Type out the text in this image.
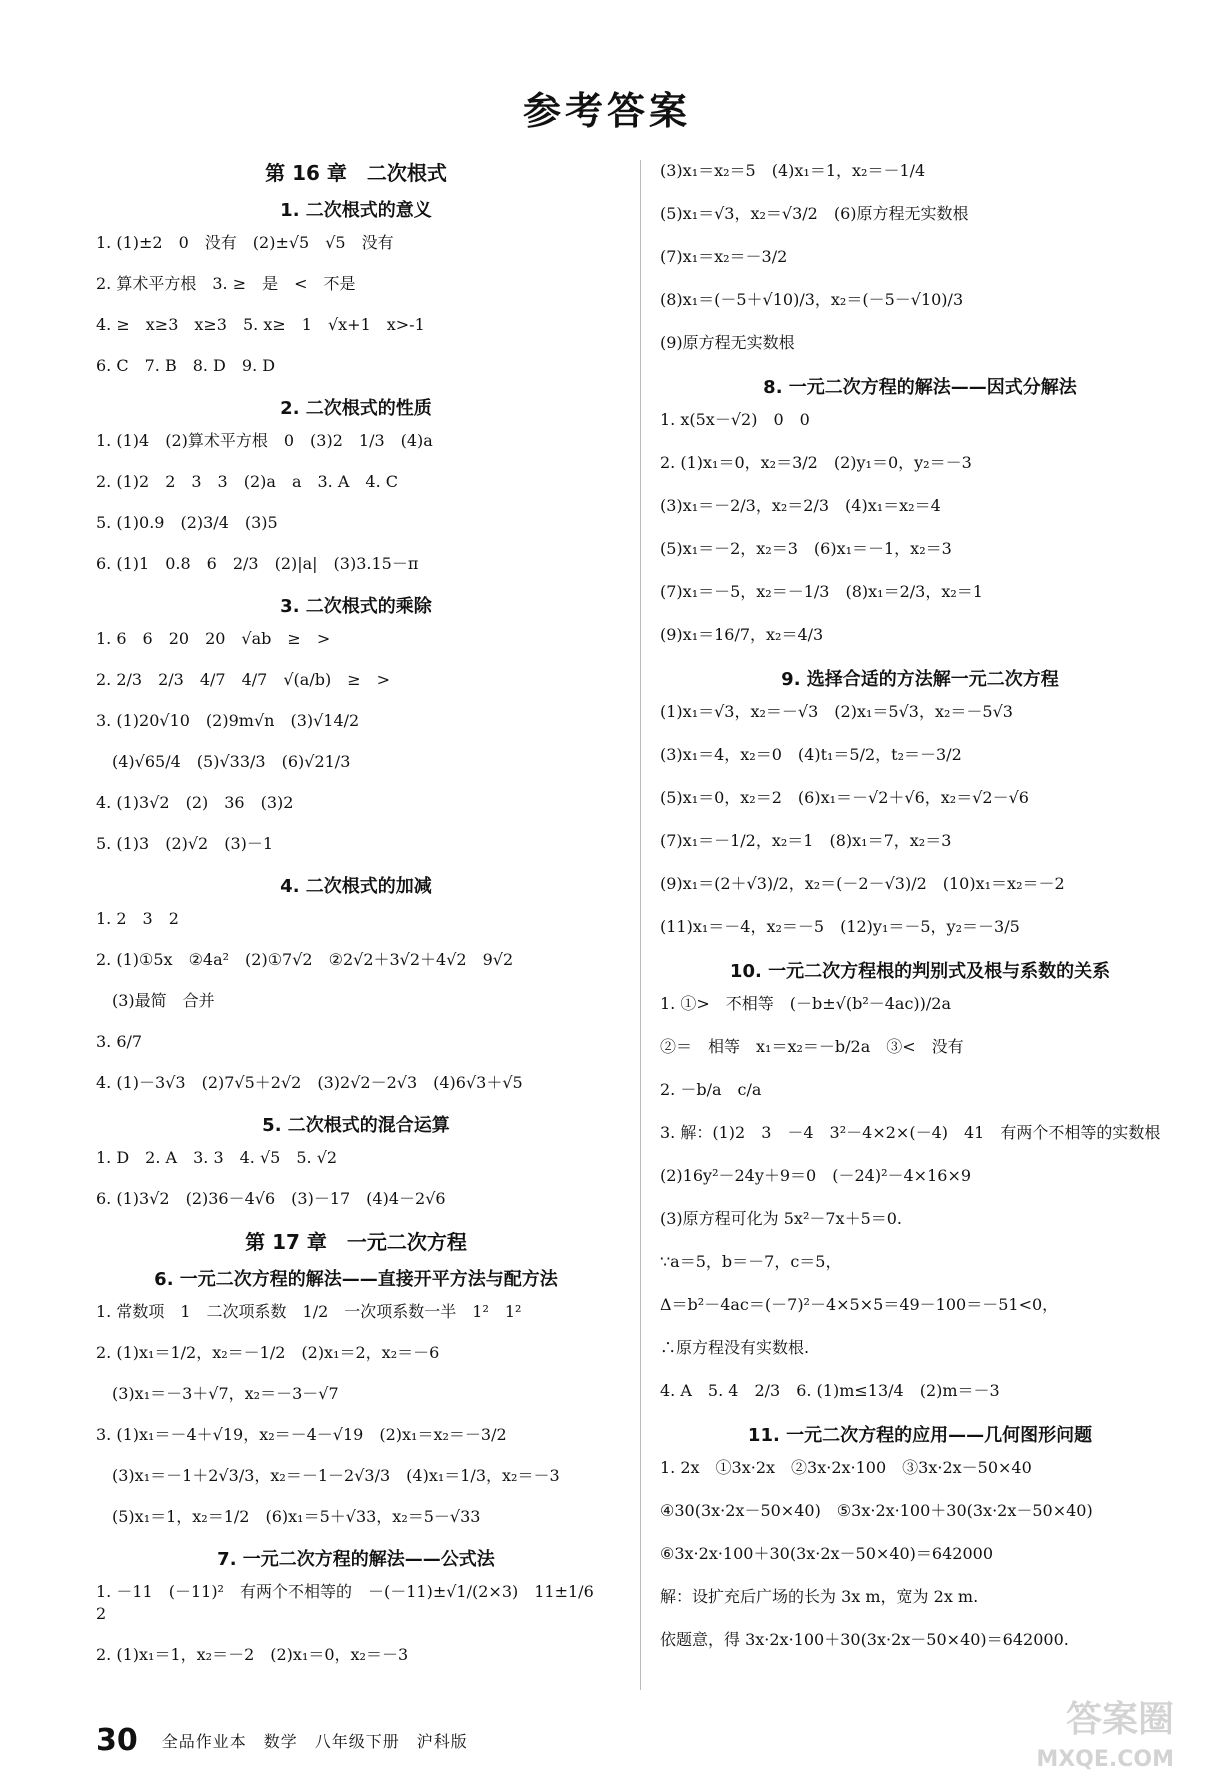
参考答案
第 16 章　二次根式
1. 二次根式的意义
1. (1)±2　0　没有　(2)±√5　√5　没有
2. 算术平方根　3. ≥　是　<　不是
4. ≥　x≥3　x≥3　5. x≥　1　√x+1　x>-1
6. C　7. B　8. D　9. D
2. 二次根式的性质
1. (1)4　(2)算术平方根　0　(3)2　1/3　(4)a
2. (1)2　2　3　3　(2)a　a　3. A　4. C
5. (1)0.9　(2)3/4　(3)5
6. (1)1　0.8　6　2/3　(2)|a|　(3)3.15－π
3. 二次根式的乘除
1. 6　6　20　20　√ab　≥　>
2. 2/3　2/3　4/7　4/7　√(a/b)　≥　>
3. (1)20√10　(2)9m√n　(3)√14/2
　(4)√65/4　(5)√33/3　(6)√21/3
4. (1)3√2　(2)　36　(3)2
5. (1)3　(2)√2　(3)－1
4. 二次根式的加减
1. 2　3　2
2. (1)①5x　②4a²　(2)①7√2　②2√2＋3√2＋4√2　9√2
　(3)最简　合并
3. 6/7
4. (1)－3√3　(2)7√5＋2√2　(3)2√2－2√3　(4)6√3＋√5
5. 二次根式的混合运算
1. D　2. A　3. 3　4. √5　5. √2
6. (1)3√2　(2)36－4√6　(3)－17　(4)4－2√6
第 17 章　一元二次方程
6. 一元二次方程的解法——直接开平方法与配方法
1. 常数项　1　二次项系数　1/2　一次项系数一半　1²　1²
2. (1)x₁＝1/2，x₂＝－1/2　(2)x₁＝2，x₂＝－6
　(3)x₁＝－3＋√7，x₂＝－3－√7
3. (1)x₁＝－4＋√19，x₂＝－4－√19　(2)x₁＝x₂＝－3/2
　(3)x₁＝－1＋2√3/3，x₂＝－1－2√3/3　(4)x₁＝1/3，x₂＝－3
　(5)x₁＝1，x₂＝1/2　(6)x₁＝5＋√33，x₂＝5－√33
7. 一元二次方程的解法——公式法
1. －11　(－11)²　有两个不相等的　－(－11)±√1/(2×3)　11±1/6　2
2. (1)x₁＝1，x₂＝－2　(2)x₁＝0，x₂＝－3
(3)x₁＝x₂＝5　(4)x₁＝1，x₂＝－1/4
(5)x₁＝√3，x₂＝√3/2　(6)原方程无实数根
(7)x₁＝x₂＝－3/2
(8)x₁＝(－5＋√10)/3，x₂＝(－5－√10)/3
(9)原方程无实数根
8. 一元二次方程的解法——因式分解法
1. x(5x－√2)　0　0
2. (1)x₁＝0，x₂＝3/2　(2)y₁＝0，y₂＝－3
(3)x₁＝－2/3，x₂＝2/3　(4)x₁＝x₂＝4
(5)x₁＝－2，x₂＝3　(6)x₁＝－1，x₂＝3
(7)x₁＝－5，x₂＝－1/3　(8)x₁＝2/3，x₂＝1
(9)x₁＝16/7，x₂＝4/3
9. 选择合适的方法解一元二次方程
(1)x₁＝√3，x₂＝－√3　(2)x₁＝5√3，x₂＝－5√3
(3)x₁＝4，x₂＝0　(4)t₁＝5/2，t₂＝－3/2
(5)x₁＝0，x₂＝2　(6)x₁＝－√2＋√6，x₂＝√2－√6
(7)x₁＝－1/2，x₂＝1　(8)x₁＝7，x₂＝3
(9)x₁＝(2＋√3)/2，x₂＝(－2－√3)/2　(10)x₁＝x₂＝－2
(11)x₁＝－4，x₂＝－5　(12)y₁＝－5，y₂＝－3/5
10. 一元二次方程根的判别式及根与系数的关系
1. ①>　不相等　(－b±√(b²－4ac))/2a
②＝　相等　x₁＝x₂＝－b/2a　③<　没有
2. －b/a　c/a
3. 解：(1)2　3　－4　3²－4×2×(－4)　41　有两个不相等的实数根
(2)16y²－24y＋9＝0　(－24)²－4×16×9
(3)原方程可化为 5x²－7x＋5＝0.
∵a＝5，b＝－7，c＝5，
Δ＝b²－4ac＝(－7)²－4×5×5＝49－100＝－51<0，
∴原方程没有实数根.
4. A　5. 4　2/3　6. (1)m≤13/4　(2)m＝－3
11. 一元二次方程的应用——几何图形问题
1. 2x　①3x·2x　②3x·2x·100　③3x·2x－50×40
④30(3x·2x－50×40)　⑤3x·2x·100＋30(3x·2x－50×40)
⑥3x·2x·100＋30(3x·2x－50×40)＝642000
解：设扩充后广场的长为 3x m，宽为 2x m.
依题意，得 3x·2x·100＋30(3x·2x－50×40)＝642000.
30 全品作业本　数学　八年级下册　沪科版
答案圈
MXQE.COM
